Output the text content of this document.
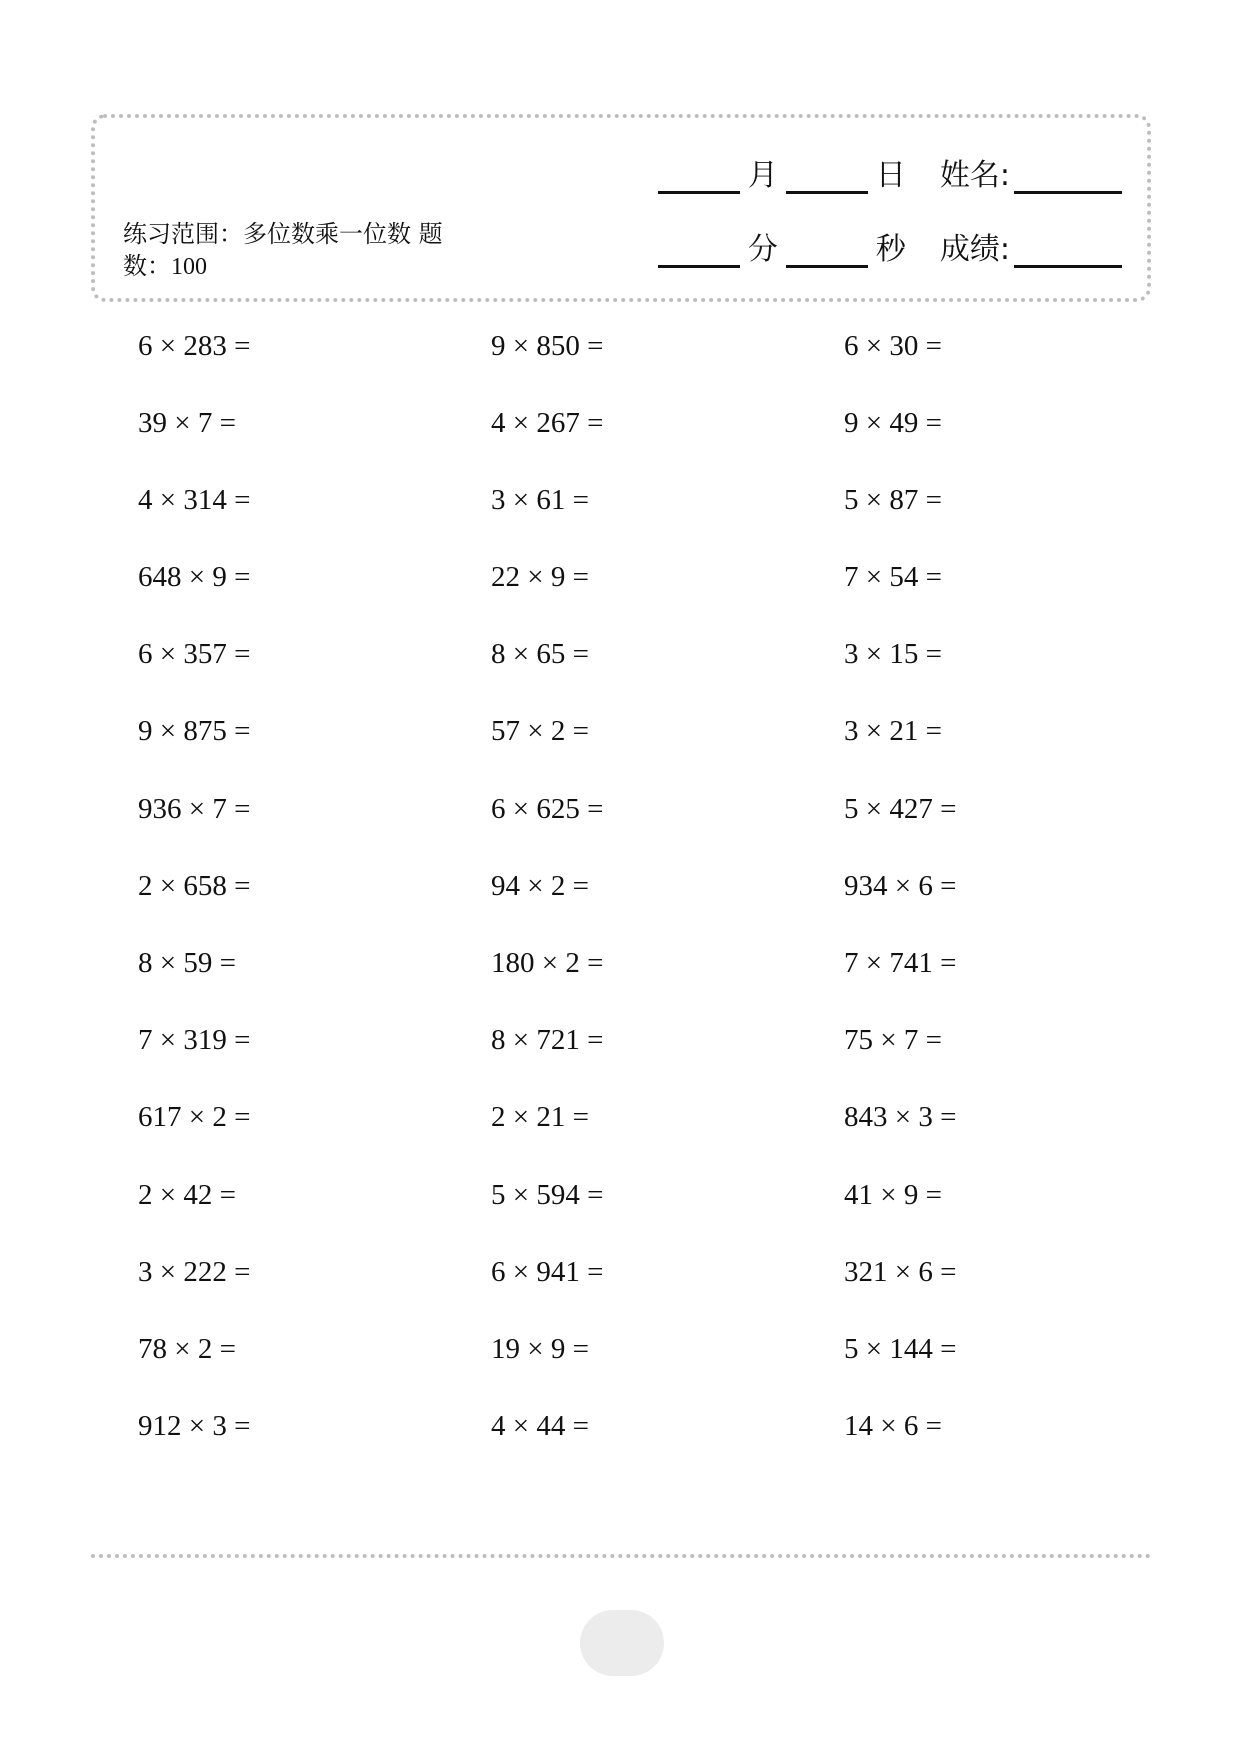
练习范围：多位数乘一位数 题
数：100
月	日 姓名:
分	秒 成绩:
6 × 283 =	9 × 850 =	6 × 30 =
39 × 7 =	4 × 267 =	9 × 49 =
4 × 314 =	3 × 61 =	5 × 87 =
648 × 9 =	22 × 9 =	7 × 54 =
6 × 357 =	8 × 65 =	3 × 15 =
9 × 875 =	57 × 2 =	3 × 21 =
936 × 7 =	6 × 625 =	5 × 427 =
2 × 658 =	94 × 2 =	934 × 6 =
8 × 59 =	180 × 2 =	7 × 741 =
7 × 319 =	8 × 721 =	75 × 7 =
617 × 2 =	2 × 21 =	843 × 3 =
2 × 42 =	5 × 594 =	41 × 9 =
3 × 222 =	6 × 941 =	321 × 6 =
78 × 2 =	19 × 9 =	5 × 144 =
912 × 3 =	4 × 44 =	14 × 6 =
